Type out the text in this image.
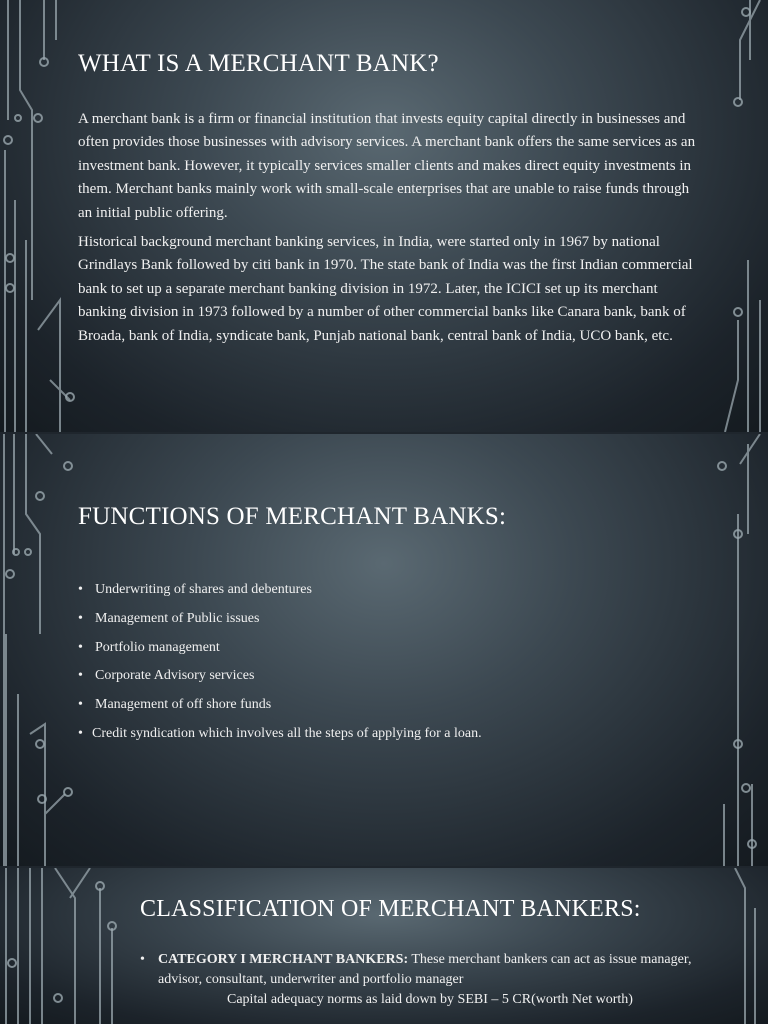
WHAT IS A MERCHANT BANK?

A merchant bank is a firm or financial institution that invests equity capital directly in businesses and often provides those businesses with advisory services. A merchant bank offers the same services as an investment bank. However, it typically services smaller clients and makes direct equity investments in them. Merchant banks mainly work with small-scale enterprises that are unable to raise funds through an initial public offering.

Historical background merchant banking services, in India, were started only in 1967 by national Grindlays Bank followed by citi bank in 1970. The state bank of India was the first Indian commercial bank to set up a separate merchant banking division in 1972. Later, the ICICI set up its merchant banking division in 1973 followed by a number of other commercial banks like Canara bank, bank of Broada, bank of India, syndicate bank, Punjab national bank, central bank of India, UCO bank, etc.

FUNCTIONS OF MERCHANT BANKS:
• Underwriting of shares and debentures
• Management of Public issues
• Portfolio management
• Corporate Advisory services
• Management of off shore funds
• Credit syndication which involves all the steps of applying for a loan.
CLASSIFICATION OF MERCHANT BANKERS:
• CATEGORY I MERCHANT BANKERS: These merchant bankers can act as issue manager, advisor, consultant, underwriter and portfolio manager
Capital adequacy norms as laid down by SEBI – 5 CR(worth Net worth)
